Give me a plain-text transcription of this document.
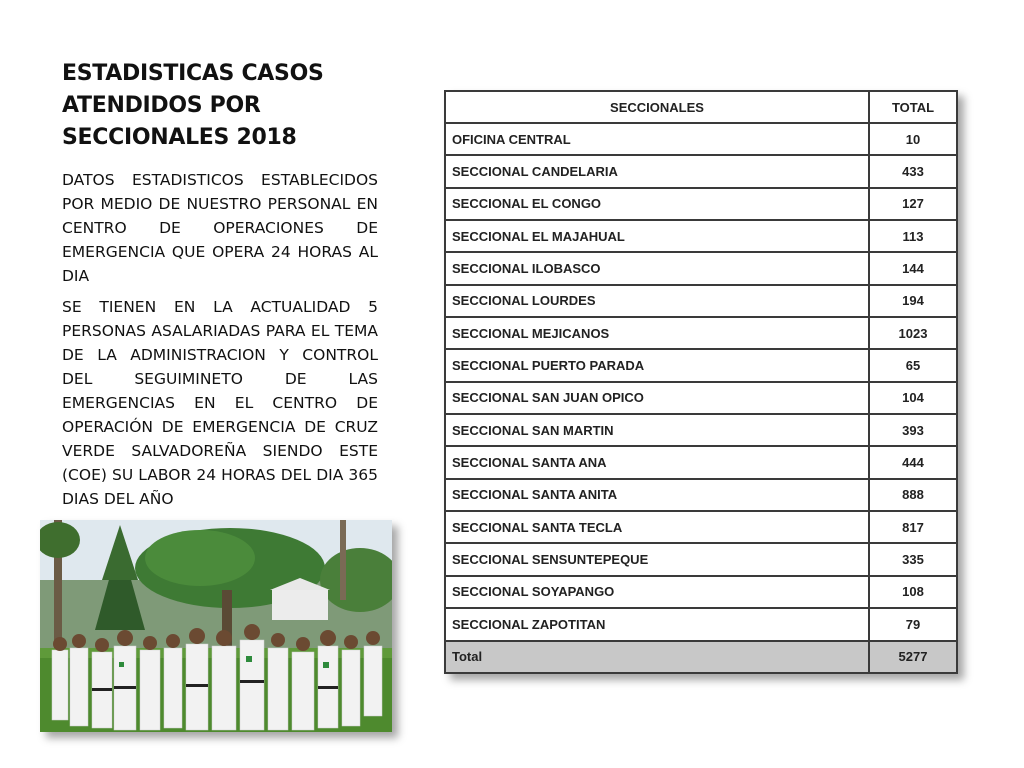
ESTADISTICAS CASOS ATENDIDOS POR SECCIONALES 2018

DATOS ESTADISTICOS ESTABLECIDOS POR MEDIO DE NUESTRO PERSONAL EN CENTRO DE OPERACIONES DE EMERGENCIA QUE OPERA 24 HORAS AL DIA

SE TIENEN EN LA ACTUALIDAD 5 PERSONAS ASALARIADAS PARA EL TEMA DE LA ADMINISTRACION Y CONTROL DEL SEGUIMINETO DE LAS EMERGENCIAS EN EL CENTRO DE OPERACIÓN DE EMERGENCIA DE CRUZ VERDE SALVADOREÑA SIENDO ESTE (COE) SU LABOR 24 HORAS DEL DIA 365 DIAS DEL AÑO

SECCIONALES	TOTAL
OFICINA CENTRAL	10
SECCIONAL CANDELARIA	433
SECCIONAL EL CONGO	127
SECCIONAL EL MAJAHUAL	113
SECCIONAL ILOBASCO	144
SECCIONAL LOURDES	194
SECCIONAL MEJICANOS	1023
SECCIONAL PUERTO PARADA	65
SECCIONAL SAN JUAN OPICO	104
SECCIONAL SAN MARTIN	393
SECCIONAL SANTA ANA	444
SECCIONAL SANTA ANITA	888
SECCIONAL SANTA TECLA	817
SECCIONAL SENSUNTEPEQUE	335
SECCIONAL SOYAPANGO	108
SECCIONAL ZAPOTITAN	79
Total	5277
